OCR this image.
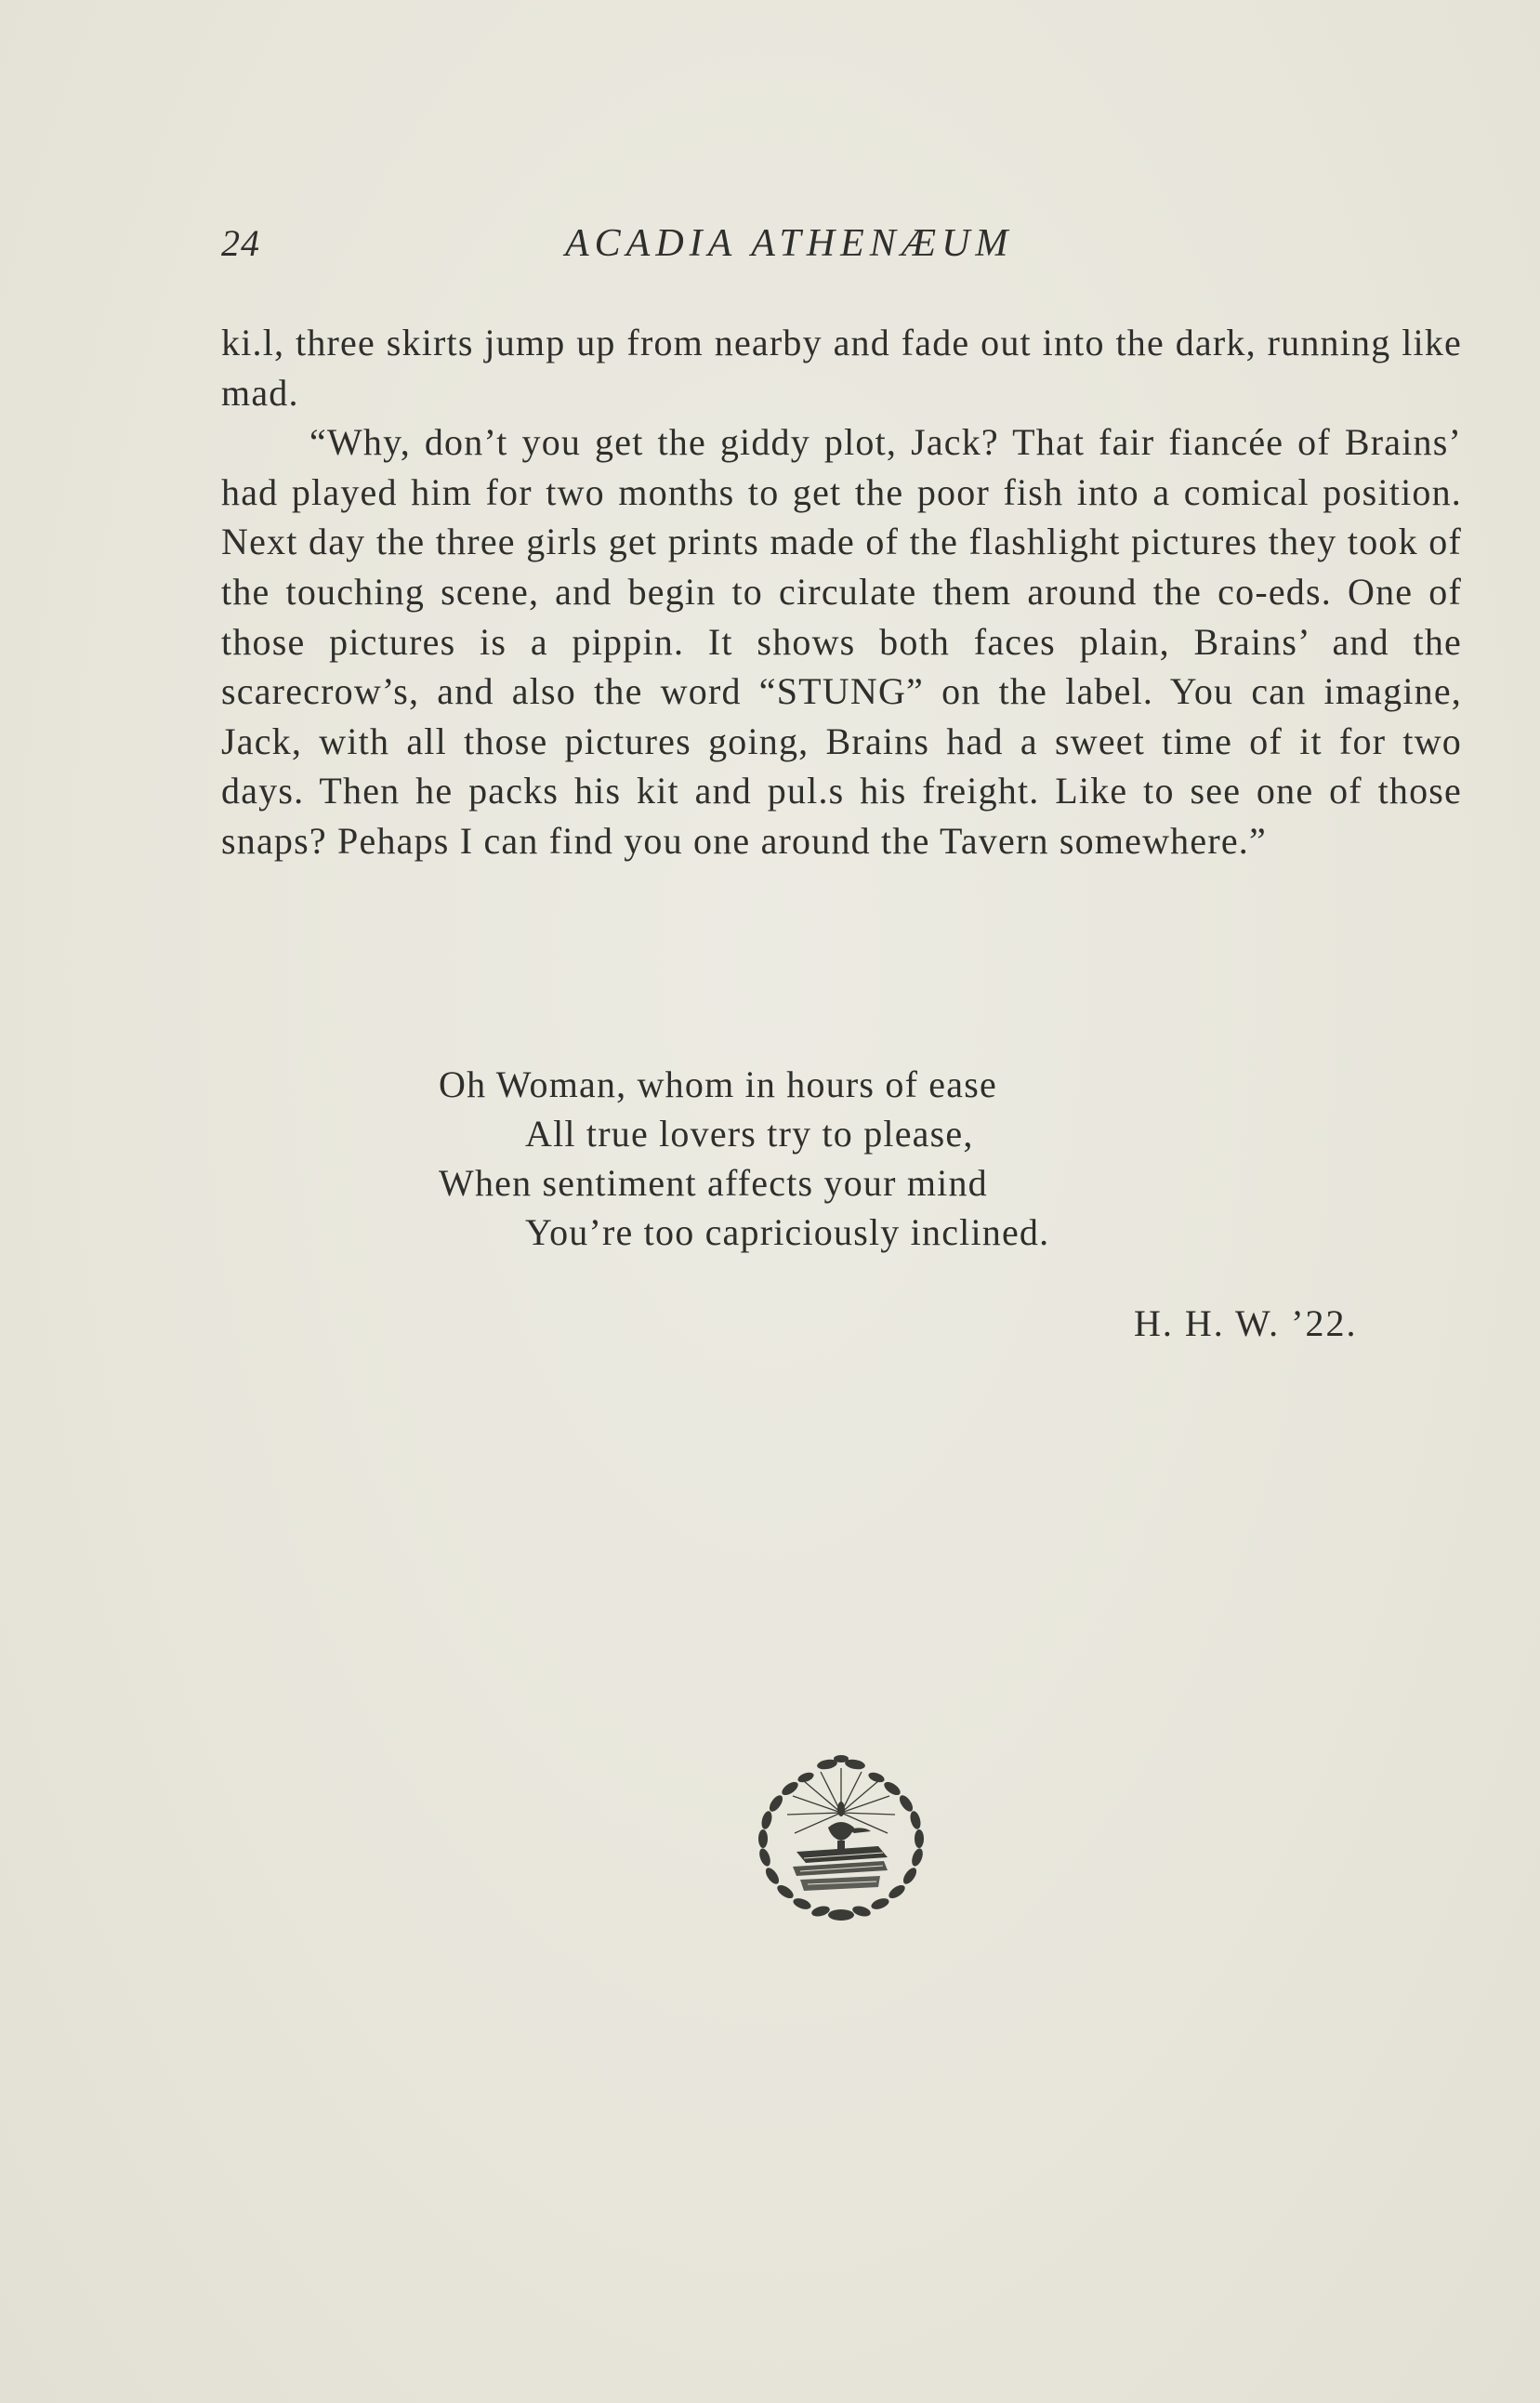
24	ACADIA ATHENÆUM

ki.l, three skirts jump up from nearby and fade out into the dark, running like mad.

“Why, don’t you get the giddy plot, Jack? That fair fiancée of Brains’ had played him for two months to get the poor fish into a comical position. Next day the three girls get prints made of the flashlight pictures they took of the touching scene, and begin to circulate them around the co-eds. One of those pictures is a pippin. It shows both faces plain, Brains’ and the scarecrow’s, and also the word “STUNG” on the label. You can imagine, Jack, with all those pictures going, Brains had a sweet time of it for two days. Then he packs his kit and pul.s his freight. Like to see one of those snaps? Pehaps I can find you one around the Tavern somewhere.”

Oh Woman, whom in hours of ease
All true lovers try to please,
When sentiment affects your mind
You’re too capriciously inclined.
H. H. W. ’22.
